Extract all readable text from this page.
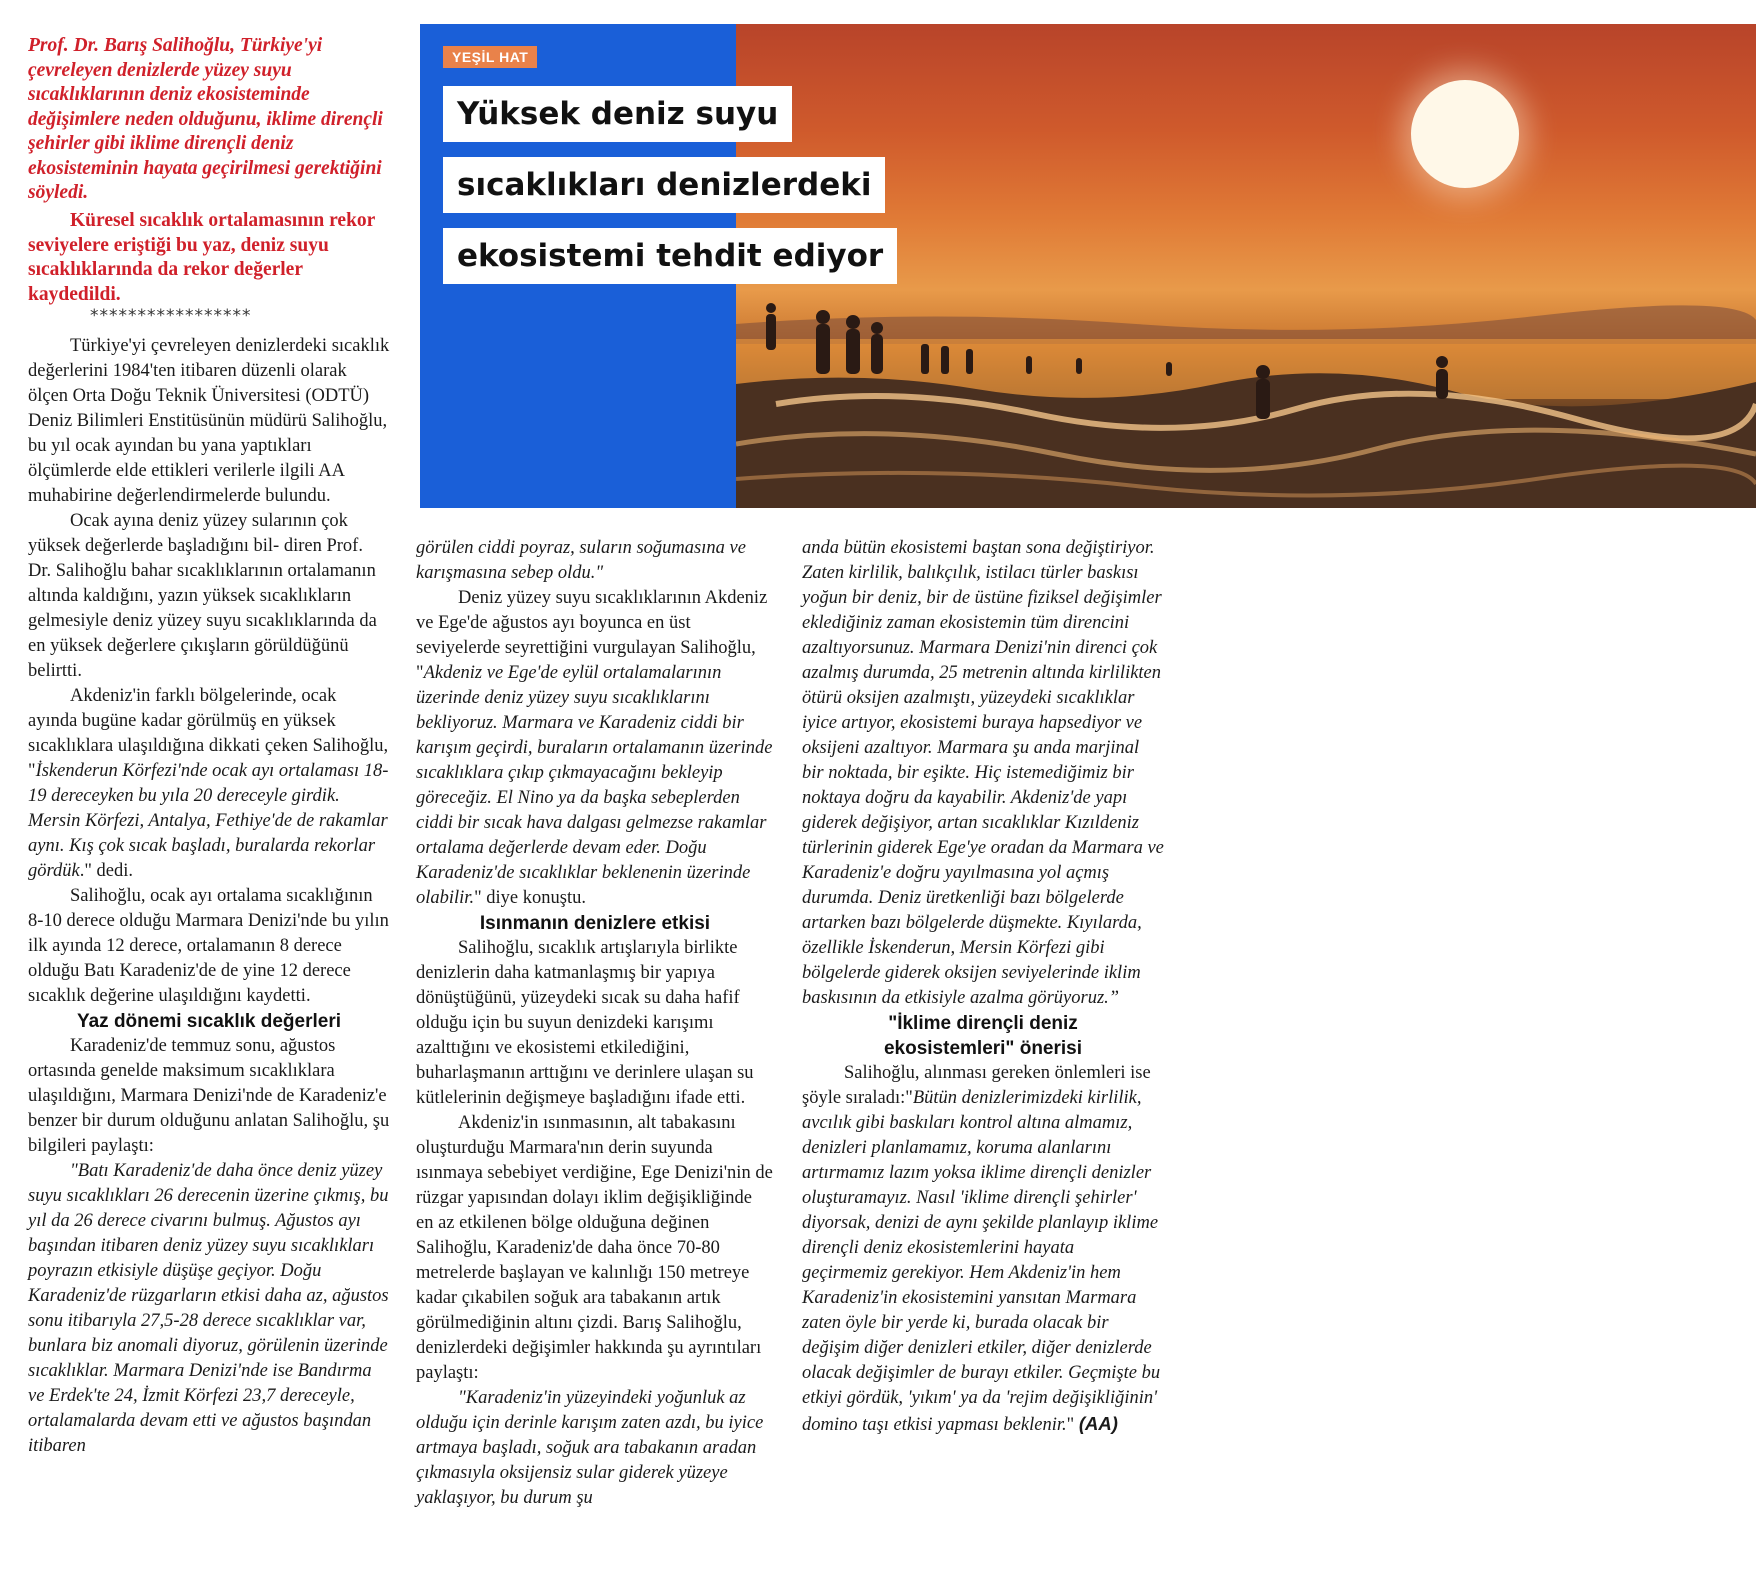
YEŞİL HAT
Yüksek deniz suyu
sıcaklıkları denizlerdeki
ekosistemi tehdit ediyor

Prof. Dr. Barış Salihoğlu, Türkiye'yi çevreleyen denizlerde yüzey suyu sıcaklıklarının deniz ekosisteminde değişimlere neden olduğunu, iklime dirençli şehirler gibi iklime dirençli deniz ekosisteminin hayata geçirilmesi gerektiğini söyledi.

Küresel sıcaklık ortalamasının rekor seviyelere eriştiği bu yaz, deniz suyu sıcaklıklarında da rekor değerler kaydedildi.

*****************

Türkiye'yi çevreleyen denizlerdeki sıcaklık değerlerini 1984'ten itibaren düzenli olarak ölçen Orta Doğu Teknik Üniversitesi (ODTÜ) Deniz Bilimleri Enstitüsünün müdürü Salihoğlu, bu yıl ocak ayından bu yana yaptıkları ölçümlerde elde ettikleri verilerle ilgili AA muhabirine değerlendirmelerde bulundu.

Ocak ayına deniz yüzey sularının çok yüksek değerlerde başladığını bil- diren Prof. Dr. Salihoğlu bahar sıcaklıklarının ortalamanın altında kaldığını, yazın yüksek sıcaklıkların gelmesiyle deniz yüzey suyu sıcaklıklarında da en yüksek değerlere çıkışların görüldüğünü belirtti.

Akdeniz'in farklı bölgelerinde, ocak ayında bugüne kadar görülmüş en yüksek sıcaklıklara ulaşıldığına dikkati çeken Salihoğlu, "İskenderun Körfezi'nde ocak ayı ortalaması 18-19 dereceyken bu yıla 20 dereceyle girdik. Mersin Körfezi, Antalya, Fethiye'de de rakamlar aynı. Kış çok sıcak başladı, buralarda rekorlar gördük." dedi.

Salihoğlu, ocak ayı ortalama sıcaklığının 8-10 derece olduğu Marmara Denizi'nde bu yılın ilk ayında 12 derece, ortalamanın 8 derece olduğu Batı Karadeniz'de de yine 12 derece sıcaklık değerine ulaşıldığını kaydetti.

Yaz dönemi sıcaklık değerleri

Karadeniz'de temmuz sonu, ağustos ortasında genelde maksimum sıcaklıklara ulaşıldığını, Marmara Denizi'nde de Karadeniz'e benzer bir durum olduğunu anlatan Salihoğlu, şu bilgileri paylaştı:

"Batı Karadeniz'de daha önce deniz yüzey suyu sıcaklıkları 26 derecenin üzerine çıkmış, bu yıl da 26 derece civarını bulmuş. Ağustos ayı başından itibaren deniz yüzey suyu sıcaklıkları poyrazın etkisiyle düşüşe geçiyor. Doğu Karadeniz'de rüzgarların etkisi daha az, ağustos sonu itibarıyla 27,5-28 derece sıcaklıklar var, bunlara biz anomali diyoruz, görülenin üzerinde sıcaklıklar. Marmara Denizi'nde ise Bandırma ve Erdek'te 24, İzmit Körfezi 23,7 dereceyle, ortalamalarda devam etti ve ağustos başından itibaren

görülen ciddi poyraz, suların soğumasına ve karışmasına sebep oldu."

Deniz yüzey suyu sıcaklıklarının Akdeniz ve Ege'de ağustos ayı boyunca en üst seviyelerde seyrettiğini vurgulayan Salihoğlu, "Akdeniz ve Ege'de eylül ortalamalarının üzerinde deniz yüzey suyu sıcaklıklarını bekliyoruz. Marmara ve Karadeniz ciddi bir karışım geçirdi, buraların ortalamanın üzerinde sıcaklıklara çıkıp çıkmayacağını bekleyip göreceğiz. El Nino ya da başka sebeplerden ciddi bir sıcak hava dalgası gelmezse rakamlar ortalama değerlerde devam eder. Doğu Karadeniz'de sıcaklıklar beklenenin üzerinde olabilir." diye konuştu.

Isınmanın denizlere etkisi

Salihoğlu, sıcaklık artışlarıyla birlikte denizlerin daha katmanlaşmış bir yapıya dönüştüğünü, yüzeydeki sıcak su daha hafif olduğu için bu suyun denizdeki karışımı azalttığını ve ekosistemi etkilediğini, buharlaşmanın arttığını ve derinlere ulaşan su kütlelerinin değişmeye başladığını ifade etti.

Akdeniz'in ısınmasının, alt tabakasını oluşturduğu Marmara'nın derin suyunda ısınmaya sebebiyet verdiğine, Ege Denizi'nin de rüzgar yapısından dolayı iklim değişikliğinde en az etkilenen bölge olduğuna değinen Salihoğlu, Karadeniz'de daha önce 70-80 metrelerde başlayan ve kalınlığı 150 metreye kadar çıkabilen soğuk ara tabakanın artık görülmediğinin altını çizdi. Barış Salihoğlu, denizlerdeki değişimler hakkında şu ayrıntıları paylaştı:

"Karadeniz'in yüzeyindeki yoğunluk az olduğu için derinle karışım zaten azdı, bu iyice artmaya başladı, soğuk ara tabakanın aradan çıkmasıyla oksijensiz sular giderek yüzeye yaklaşıyor, bu durum şu

anda bütün ekosistemi baştan sona değiştiriyor. Zaten kirlilik, balıkçılık, istilacı türler baskısı yoğun bir deniz, bir de üstüne fiziksel değişimler eklediğiniz zaman ekosistemin tüm direncini azaltıyorsunuz. Marmara Denizi'nin direnci çok azalmış durumda, 25 metrenin altında kirlilikten ötürü oksijen azalmıştı, yüzeydeki sıcaklıklar iyice artıyor, ekosistemi buraya hapsediyor ve oksijeni azaltıyor. Marmara şu anda marjinal bir noktada, bir eşikte. Hiç istemediğimiz bir noktaya doğru da kayabilir. Akdeniz'de yapı giderek değişiyor, artan sıcaklıklar Kızıldeniz türlerinin giderek Ege'ye oradan da Marmara ve Karadeniz'e doğru yayılmasına yol açmış durumda. Deniz üretkenliği bazı bölgelerde artarken bazı bölgelerde düşmekte. Kıyılarda, özellikle İskenderun, Mersin Körfezi gibi bölgelerde giderek oksijen seviyelerinde iklim baskısının da etkisiyle azalma görüyoruz.”

"İklime dirençli deniz
ekosistemleri" önerisi

Salihoğlu, alınması gereken önlemleri ise şöyle sıraladı:"Bütün denizlerimizdeki kirlilik, avcılık gibi baskıları kontrol altına almamız, denizleri planlamamız, koruma alanlarını artırmamız lazım yoksa iklime dirençli denizler oluşturamayız. Nasıl 'iklime dirençli şehirler' diyorsak, denizi de aynı şekilde planlayıp iklime dirençli deniz ekosistemlerini hayata geçirmemiz gerekiyor. Hem Akdeniz'in hem Karadeniz'in ekosistemini yansıtan Marmara zaten öyle bir yerde ki, burada olacak bir değişim diğer denizleri etkiler, diğer denizlerde olacak değişimler de burayı etkiler. Geçmişte bu etkiyi gördük, 'yıkım' ya da 'rejim değişikliğinin' domino taşı etkisi yapması beklenir." (AA)
